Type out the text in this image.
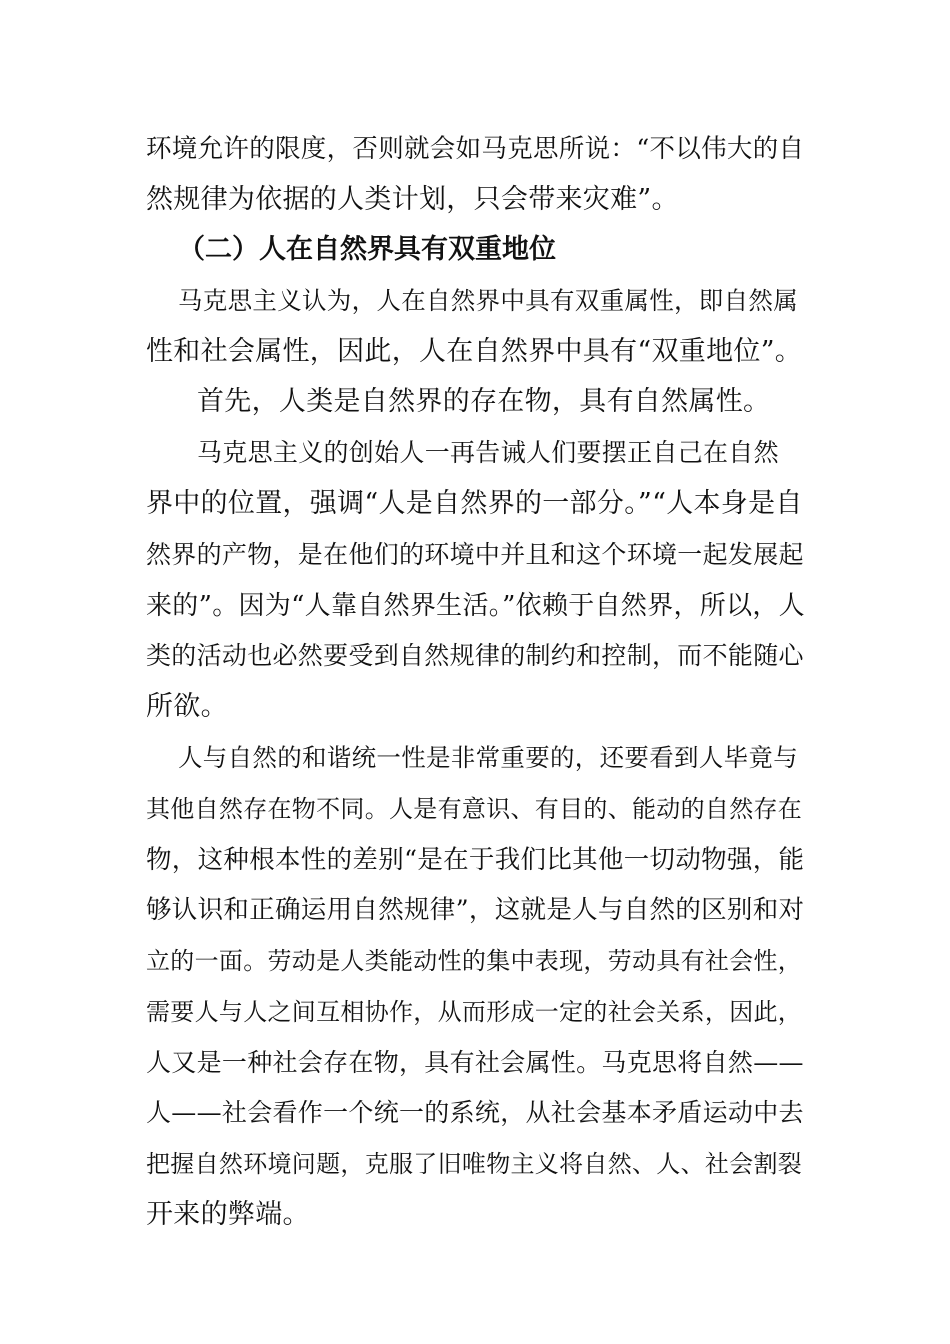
环境允许的限度，否则就会如马克思所说：“不以伟大的自
然规律为依据的人类计划，只会带来灾难”。
（二）人在自然界具有双重地位
马克思主义认为，人在自然界中具有双重属性，即自然属
性和社会属性，因此，人在自然界中具有“双重地位”。
首先，人类是自然界的存在物，具有自然属性。
马克思主义的创始人一再告诫人们要摆正自己在自然
界中的位置，强调“人是自然界的一部分。”“人本身是自
然界的产物，是在他们的环境中并且和这个环境一起发展起
来的”。因为“人靠自然界生活。”依赖于自然界，所以，人
类的活动也必然要受到自然规律的制约和控制，而不能随心
所欲。
人与自然的和谐统一性是非常重要的，还要看到人毕竟与
其他自然存在物不同。人是有意识、有目的、能动的自然存在
物，这种根本性的差别“是在于我们比其他一切动物强，能
够认识和正确运用自然规律”，这就是人与自然的区别和对
立的一面。劳动是人类能动性的集中表现，劳动具有社会性，
需要人与人之间互相协作，从而形成一定的社会关系，因此，
人又是一种社会存在物，具有社会属性。马克思将自然——
人——社会看作一个统一的系统，从社会基本矛盾运动中去
把握自然环境问题，克服了旧唯物主义将自然、人、社会割裂
开来的弊端。
